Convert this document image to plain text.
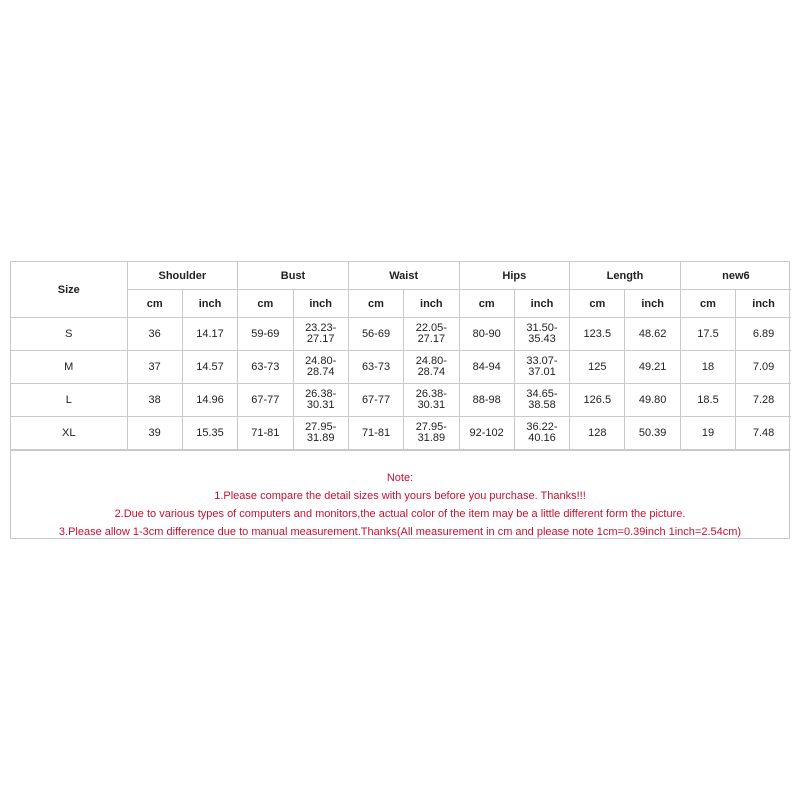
Size	Shoulder		Bust		Waist		Hips		Length		new6	
	cm	inch	cm	inch	cm	inch	cm	inch	cm	inch	cm	inch
S	36	14.17	59-69	23.23-27.17	56-69	22.05-27.17	80-90	31.50-35.43	123.5	48.62	17.5	6.89
M	37	14.57	63-73	24.80-28.74	63-73	24.80-28.74	84-94	33.07-37.01	125	49.21	18	7.09
L	38	14.96	67-77	26.38-30.31	67-77	26.38-30.31	88-98	34.65-38.58	126.5	49.80	18.5	7.28
XL	39	15.35	71-81	27.95-31.89	71-81	27.95-31.89	92-102	36.22-40.16	128	50.39	19	7.48
Note:
1.Please compare the detail sizes with yours before you purchase. Thanks!!!
2.Due to various types of computers and monitors,the actual color of the item may be a little different form the picture.
3.Please allow 1-3cm difference due to manual measurement.Thanks(All measurement in cm and please note 1cm=0.39inch 1inch=2.54cm)
